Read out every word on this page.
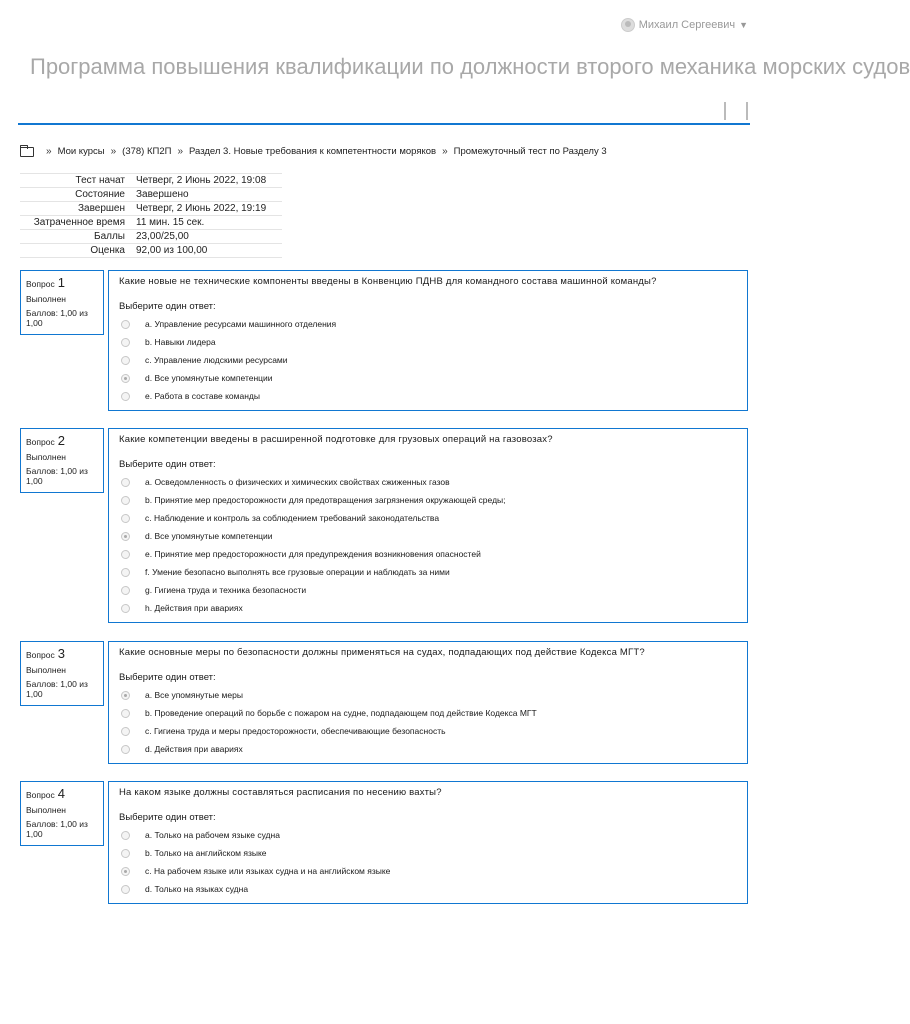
Михаил Сергеевич ▼
Программа повышения квалификации по должности второго механика морских судов
» Мои курсы » (378) КП2П » Раздел 3. Новые требования к компетентности моряков » Промежуточный тест по Разделу 3
Тест начат	Четверг, 2 Июнь 2022, 19:08
Состояние	Завершено
Завершен	Четверг, 2 Июнь 2022, 19:19
Затраченное время	11 мин. 15 сек.
Баллы	23,00/25,00
Оценка	92,00 из 100,00
Вопрос 1
Выполнен
Баллов: 1,00 из 1,00
Какие новые не технические компоненты введены в Конвенцию ПДНВ для командного состава машинной команды?
Выберите один ответ:
a. Управление ресурсами машинного отделения
b. Навыки лидера
c. Управление людскими ресурсами
d. Все упомянутые компетенции
e. Работа в составе команды
Вопрос 2
Выполнен
Баллов: 1,00 из 1,00
Какие компетенции введены в расширенной подготовке для грузовых операций на газовозах?
Выберите один ответ:
a. Осведомленность о физических и химических свойствах сжиженных газов
b. Принятие мер предосторожности для предотвращения загрязнения окружающей среды;
c. Наблюдение и контроль за соблюдением требований законодательства
d. Все упомянутые компетенции
e. Принятие мер предосторожности для предупреждения возникновения опасностей
f. Умение безопасно выполнять все грузовые операции и наблюдать за ними
g. Гигиена труда и техника безопасности
h. Действия при авариях
Вопрос 3
Выполнен
Баллов: 1,00 из 1,00
Какие основные меры по безопасности должны применяться на судах, подпадающих под действие Кодекса МГТ?
Выберите один ответ:
a. Все упомянутые меры
b. Проведение операций по борьбе с пожаром на судне, подпадающем под действие Кодекса МГТ
c. Гигиена труда и меры предосторожности, обеспечивающие безопасность
d. Действия при авариях
Вопрос 4
Выполнен
Баллов: 1,00 из 1,00
На каком языке должны составляться расписания по несению вахты?
Выберите один ответ:
a. Только на рабочем языке судна
b. Только на английском языке
c. На рабочем языке или языках судна и на английском языке
d. Только на языках судна
